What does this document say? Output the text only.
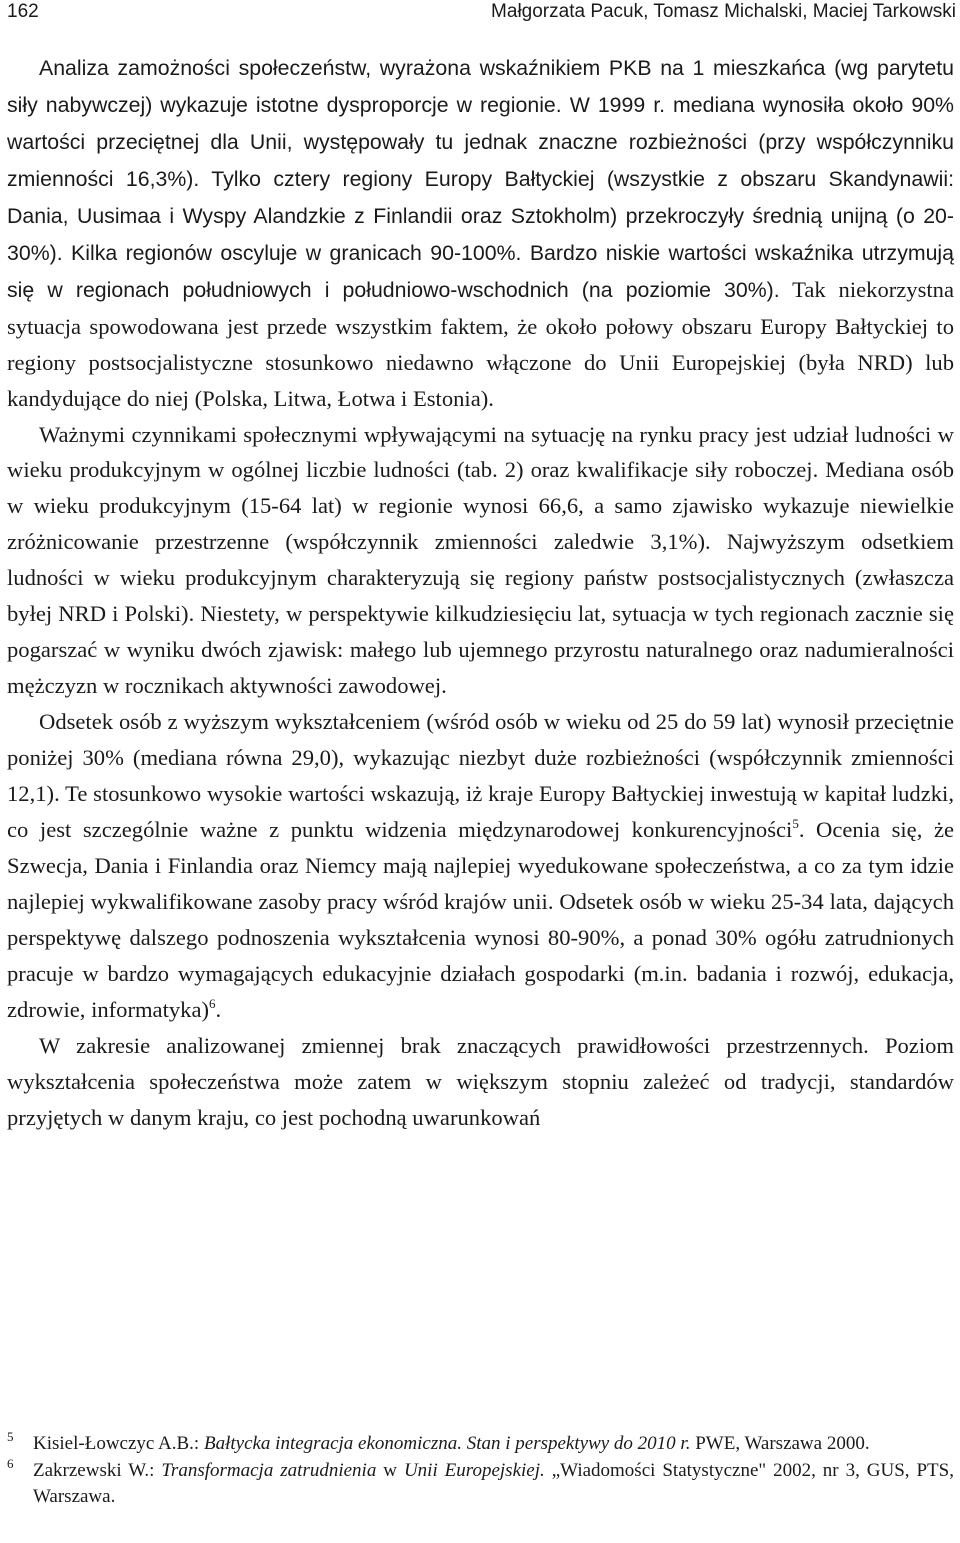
162	Małgorzata Pacuk, Tomasz Michalski, Maciej Tarkowski

Analiza zamożności społeczeństw, wyrażona wskaźnikiem PKB na 1 mieszkańca (wg parytetu siły nabywczej) wykazuje istotne dysproporcje w regionie. W 1999 r. mediana wynosiła około 90% wartości przeciętnej dla Unii, występowały tu jednak znaczne rozbieżności (przy współczynniku zmienności 16,3%). Tylko cztery regiony Europy Bałtyckiej (wszystkie z obszaru Skandynawii: Dania, Uusimaa i Wyspy Alandzkie z Finlandii oraz Sztokholm) przekroczyły średnią unijną (o 20-30%). Kilka regionów oscyluje w granicach 90-100%. Bardzo niskie wartości wskaźnika utrzymują się w regionach południowych i południowo-wschodnich (na poziomie 30%). Tak niekorzystna sytuacja spowodowana jest przede wszystkim faktem, że około połowy obszaru Europy Bałtyckiej to regiony postsocjalistyczne stosunkowo niedawno włączone do Unii Europejskiej (była NRD) lub kandydujące do niej (Polska, Litwa, Łotwa i Estonia).

Ważnymi czynnikami społecznymi wpływającymi na sytuację na rynku pracy jest udział ludności w wieku produkcyjnym w ogólnej liczbie ludności (tab. 2) oraz kwalifikacje siły roboczej. Mediana osób w wieku produkcyjnym (15-64 lat) w regionie wynosi 66,6, a samo zjawisko wykazuje niewielkie zróżnicowanie przestrzenne (współczynnik zmienności zaledwie 3,1%). Najwyższym odsetkiem ludności w wieku produkcyjnym charakteryzują się regiony państw postsocjalistycznych (zwłaszcza byłej NRD i Polski). Niestety, w perspektywie kilkudziesięciu lat, sytuacja w tych regionach zacznie się pogarszać w wyniku dwóch zjawisk: małego lub ujemnego przyrostu naturalnego oraz nadumieralności mężczyzn w rocznikach aktywności zawodowej.

Odsetek osób z wyższym wykształceniem (wśród osób w wieku od 25 do 59 lat) wynosił przeciętnie poniżej 30% (mediana równa 29,0), wykazując niezbyt duże rozbieżności (współczynnik zmienności 12,1). Te stosunkowo wysokie wartości wskazują, iż kraje Europy Bałtyckiej inwestują w kapitał ludzki, co jest szczególnie ważne z punktu widzenia międzynarodowej konkurencyjności$^5$. Ocenia się, że Szwecja, Dania i Finlandia oraz Niemcy mają najlepiej wyedukowane społeczeństwa, a co za tym idzie najlepiej wykwalifikowane zasoby pracy wśród krajów unii. Odsetek osób w wieku 25-34 lata, dających perspektywę dalszego podnoszenia wykształcenia wynosi 80-90%, a ponad 30% ogółu zatrudnionych pracuje w bardzo wymagających edukacyjnie działach gospodarki (m.in. badania i rozwój, edukacja, zdrowie, informatyka)$^6$.

W zakresie analizowanej zmiennej brak znaczących prawidłowości przestrzennych. Poziom wykształcenia społeczeństwa może zatem w większym stopniu zależeć od tradycji, standardów przyjętych w danym kraju, co jest pochodną uwarunkowań

5 Kisiel-Łowczyc A.B.: Bałtycka integracja ekonomiczna. Stan i perspektywy do 2010 r. PWE, Warszawa 2000.

6 Zakrzewski W.: Transformacja zatrudnienia w Unii Europejskiej. „Wiadomości Statystyczne" 2002, nr 3, GUS, PTS, Warszawa.
